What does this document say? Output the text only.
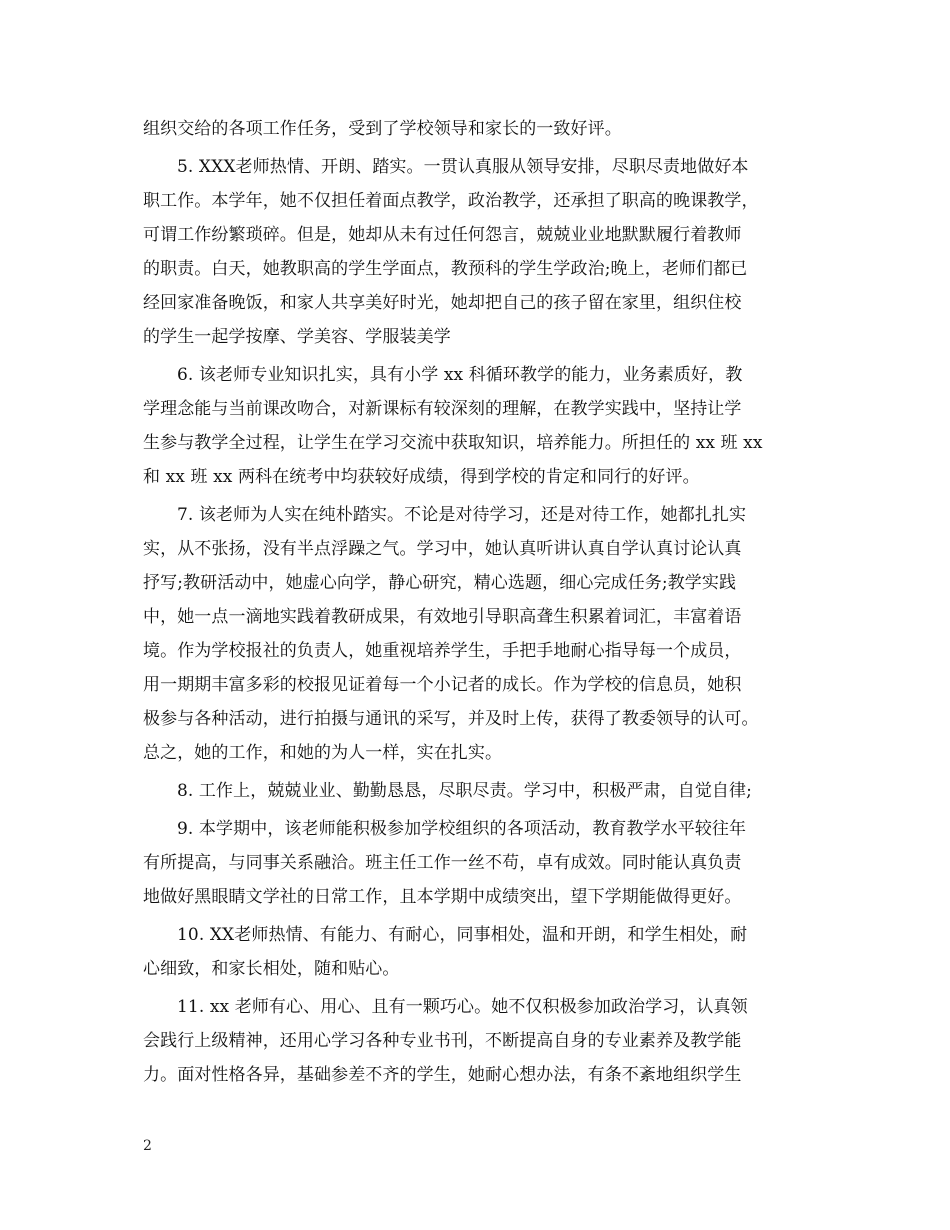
组织交给的各项工作任务，受到了学校领导和家长的一致好评。
5. XXX老师热情、开朗、踏实。一贯认真服从领导安排，尽职尽责地做好本
职工作。本学年，她不仅担任着面点教学，政治教学，还承担了职高的晚课教学，
可谓工作纷繁琐碎。但是，她却从未有过任何怨言，兢兢业业地默默履行着教师
的职责。白天，她教职高的学生学面点，教预科的学生学政治;晚上，老师们都已
经回家准备晚饭，和家人共享美好时光，她却把自己的孩子留在家里，组织住校
的学生一起学按摩、学美容、学服装美学
6. 该老师专业知识扎实，具有小学 xx 科循环教学的能力，业务素质好，教
学理念能与当前课改吻合，对新课标有较深刻的理解，在教学实践中，坚持让学
生参与教学全过程，让学生在学习交流中获取知识，培养能力。所担任的 xx 班 xx
和 xx 班 xx 两科在统考中均获较好成绩，得到学校的肯定和同行的好评。
7. 该老师为人实在纯朴踏实。不论是对待学习，还是对待工作，她都扎扎实
实，从不张扬，没有半点浮躁之气。学习中，她认真听讲认真自学认真讨论认真
抒写;教研活动中，她虚心向学，静心研究，精心选题，细心完成任务;教学实践
中，她一点一滴地实践着教研成果，有效地引导职高聋生积累着词汇，丰富着语
境。作为学校报社的负责人，她重视培养学生，手把手地耐心指导每一个成员，
用一期期丰富多彩的校报见证着每一个小记者的成长。作为学校的信息员，她积
极参与各种活动，进行拍摄与通讯的采写，并及时上传，获得了教委领导的认可。
总之，她的工作，和她的为人一样，实在扎实。
8. 工作上，兢兢业业、勤勤恳恳，尽职尽责。学习中，积极严肃，自觉自律;
9. 本学期中，该老师能积极参加学校组织的各项活动，教育教学水平较往年
有所提高，与同事关系融洽。班主任工作一丝不苟，卓有成效。同时能认真负责
地做好黑眼睛文学社的日常工作，且本学期中成绩突出，望下学期能做得更好。
10. XX老师热情、有能力、有耐心，同事相处，温和开朗，和学生相处，耐
心细致，和家长相处，随和贴心。
11. xx 老师有心、用心、且有一颗巧心。她不仅积极参加政治学习，认真领
会践行上级精神，还用心学习各种专业书刊，不断提高自身的专业素养及教学能
力。面对性格各异，基础参差不齐的学生，她耐心想办法，有条不紊地组织学生
2
